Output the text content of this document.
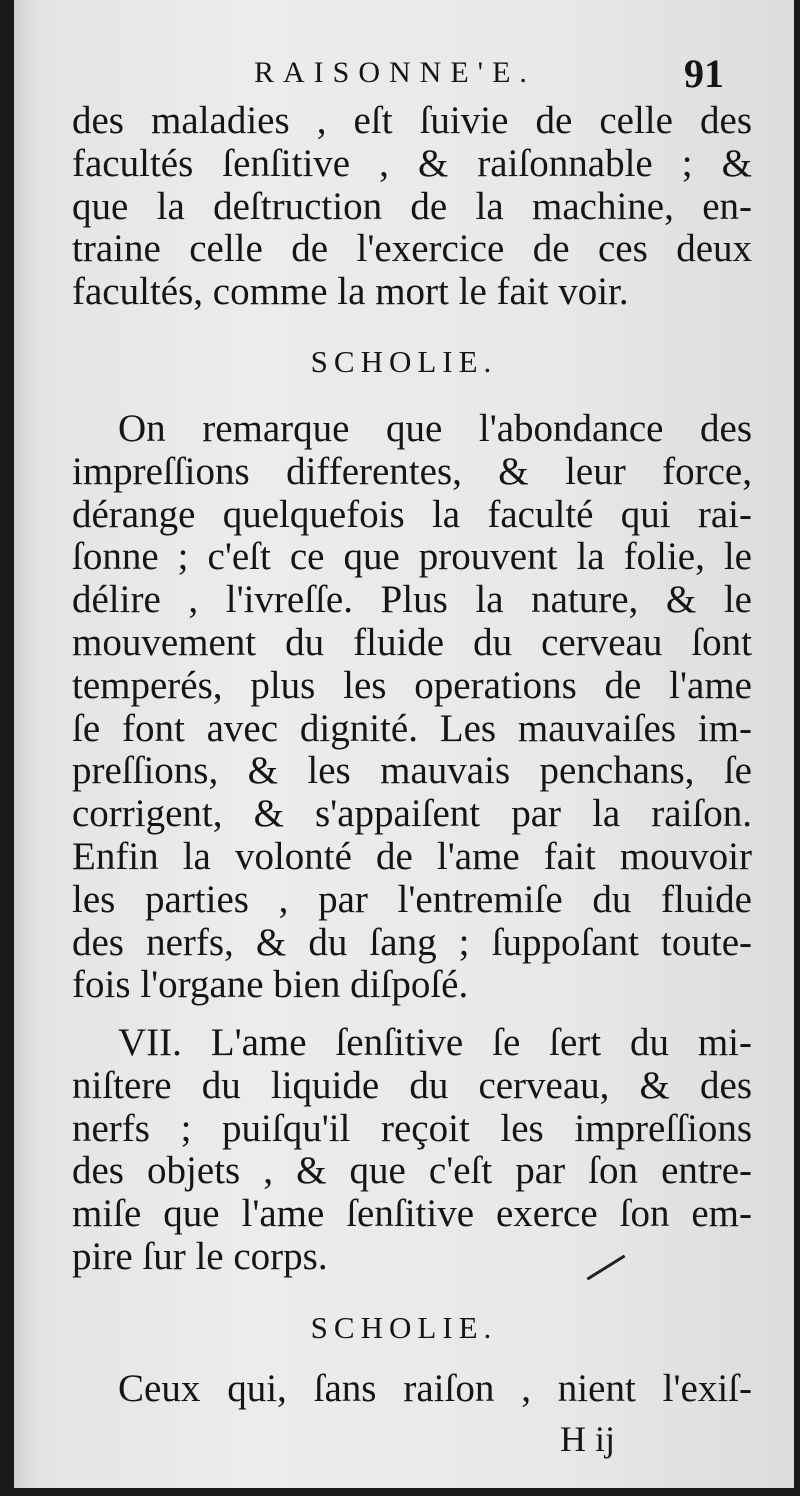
RAISONNE'E.	91
des maladies , eſt ſuivie de celle des
facultés ſenſitive , & raiſonnable ; &
que la deſtruction de la machine, en-
traine celle de l'exercice de ces deux
facultés, comme la mort le fait voir.
SCHOLIE.
On remarque que l'abondance des
impreſſions differentes, & leur force,
dérange quelquefois la faculté qui rai-
ſonne ; c'eſt ce que prouvent la folie, le
délire , l'ivreſſe. Plus la nature, & le
mouvement du fluide du cerveau ſont
temperés, plus les operations de l'ame
ſe font avec dignité. Les mauvaiſes im-
preſſions, & les mauvais penchans, ſe
corrigent, & s'appaiſent par la raiſon.
Enfin la volonté de l'ame fait mouvoir
les parties , par l'entremiſe du fluide
des nerfs, & du ſang ; ſuppoſant toute-
fois l'organe bien diſpoſé.
VII. L'ame ſenſitive ſe ſert du mi-
niſtere du liquide du cerveau, & des
nerfs ; puiſqu'il reçoit les impreſſions
des objets , & que c'eſt par ſon entre-
miſe que l'ame ſenſitive exerce ſon em-
pire ſur le corps.
SCHOLIE.
Ceux qui, ſans raiſon , nient l'exiſ-
H ij
